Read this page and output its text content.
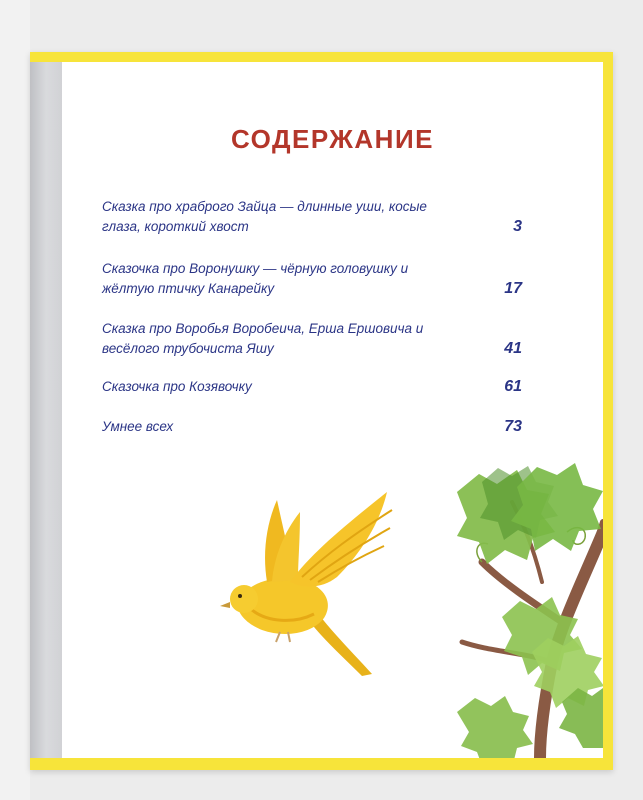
СОДЕРЖАНИЕ
Сказка про храброго Зайца — длинные уши, косые глаза, короткий хвост	3
Сказочка про Воронушку — чёрную головушку и жёлтую птичку Канарейку	17
Сказка про Воробья Воробеича, Ерша Ершовича и весёлого трубочиста Яшу	41
Сказочка про Козявочку	61
Умнее всех	73
